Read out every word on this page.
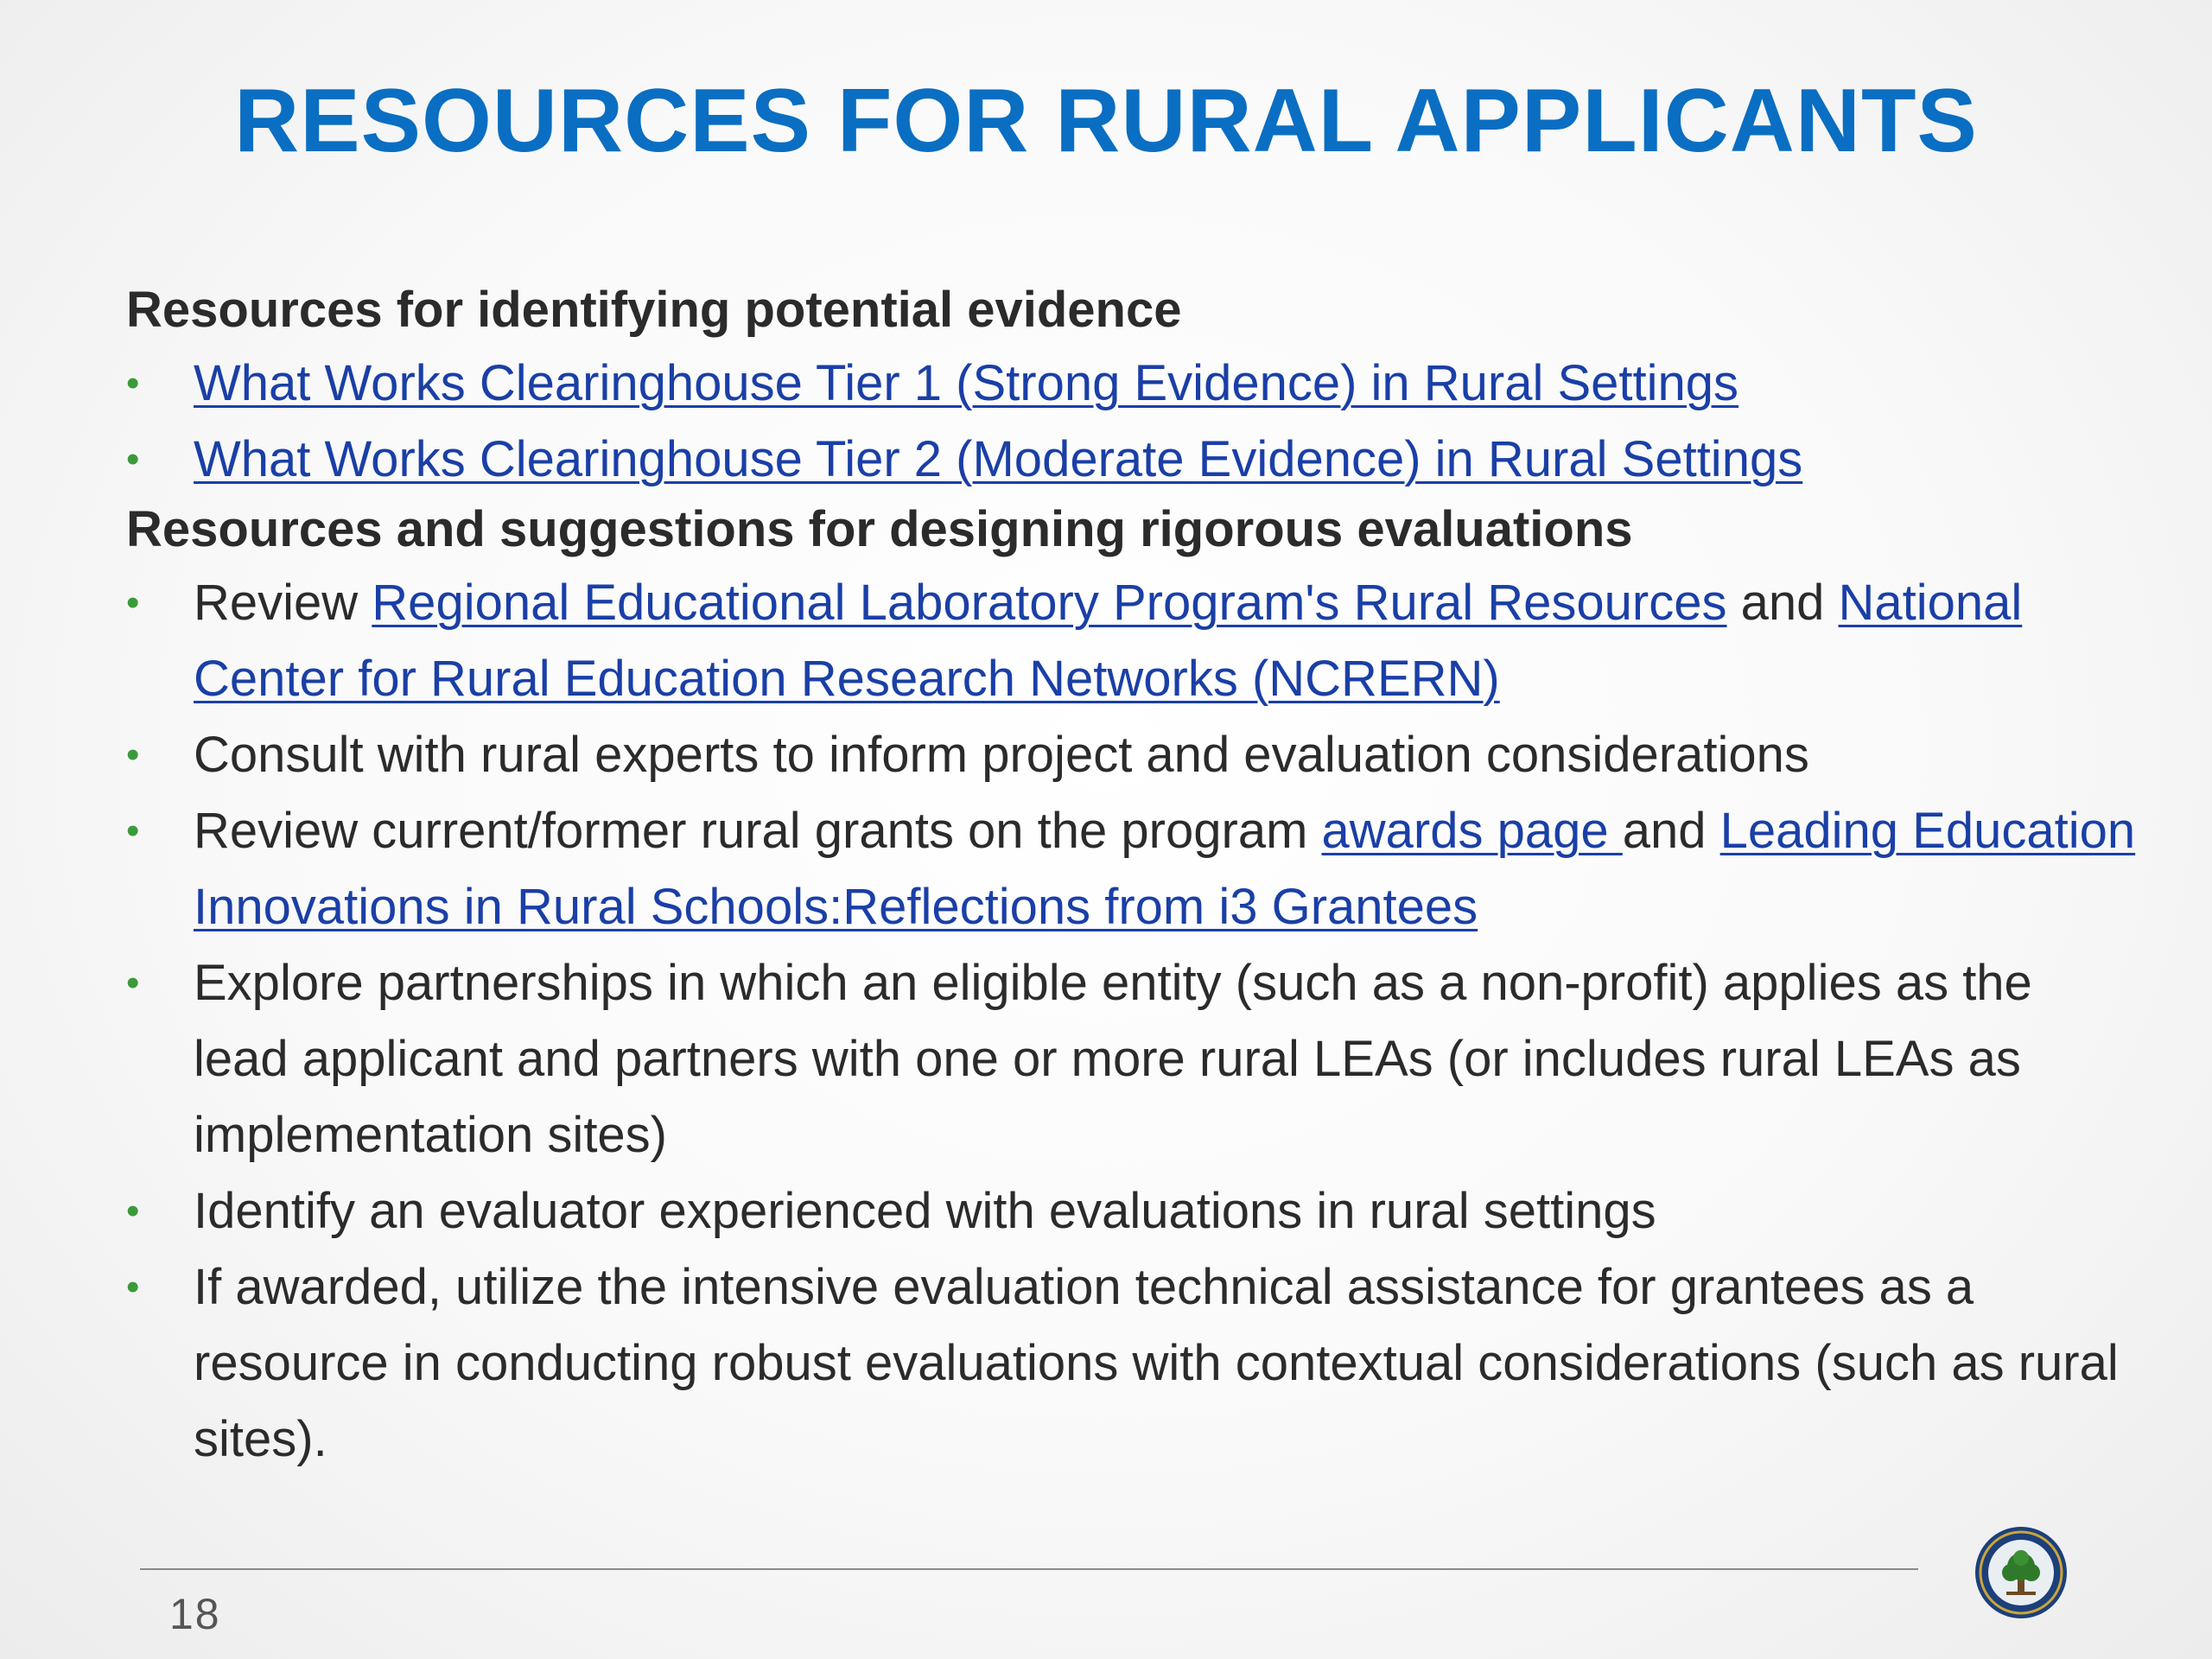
RESOURCES FOR RURAL APPLICANTS

Resources for identifying potential evidence

•	What Works Clearinghouse Tier 1 (Strong Evidence) in Rural Settings
•	What Works Clearinghouse Tier 2 (Moderate Evidence) in Rural Settings

Resources and suggestions for designing rigorous evaluations

•	Review Regional Educational Laboratory Program's Rural Resources and National Center for Rural Education Research Networks (NCRERN)
•	Consult with rural experts to inform project and evaluation considerations
•	Review current/former rural grants on the program awards page and Leading Education Innovations in Rural Schools:Reflections from i3 Grantees
•	Explore partnerships in which an eligible entity (such as a non-profit) applies as the lead applicant and partners with one or more rural LEAs (or includes rural LEAs as implementation sites)
•	Identify an evaluator experienced with evaluations in rural settings
•	If awarded, utilize the intensive evaluation technical assistance for grantees as a resource in conducting robust evaluations with contextual considerations (such as rural sites).
18
